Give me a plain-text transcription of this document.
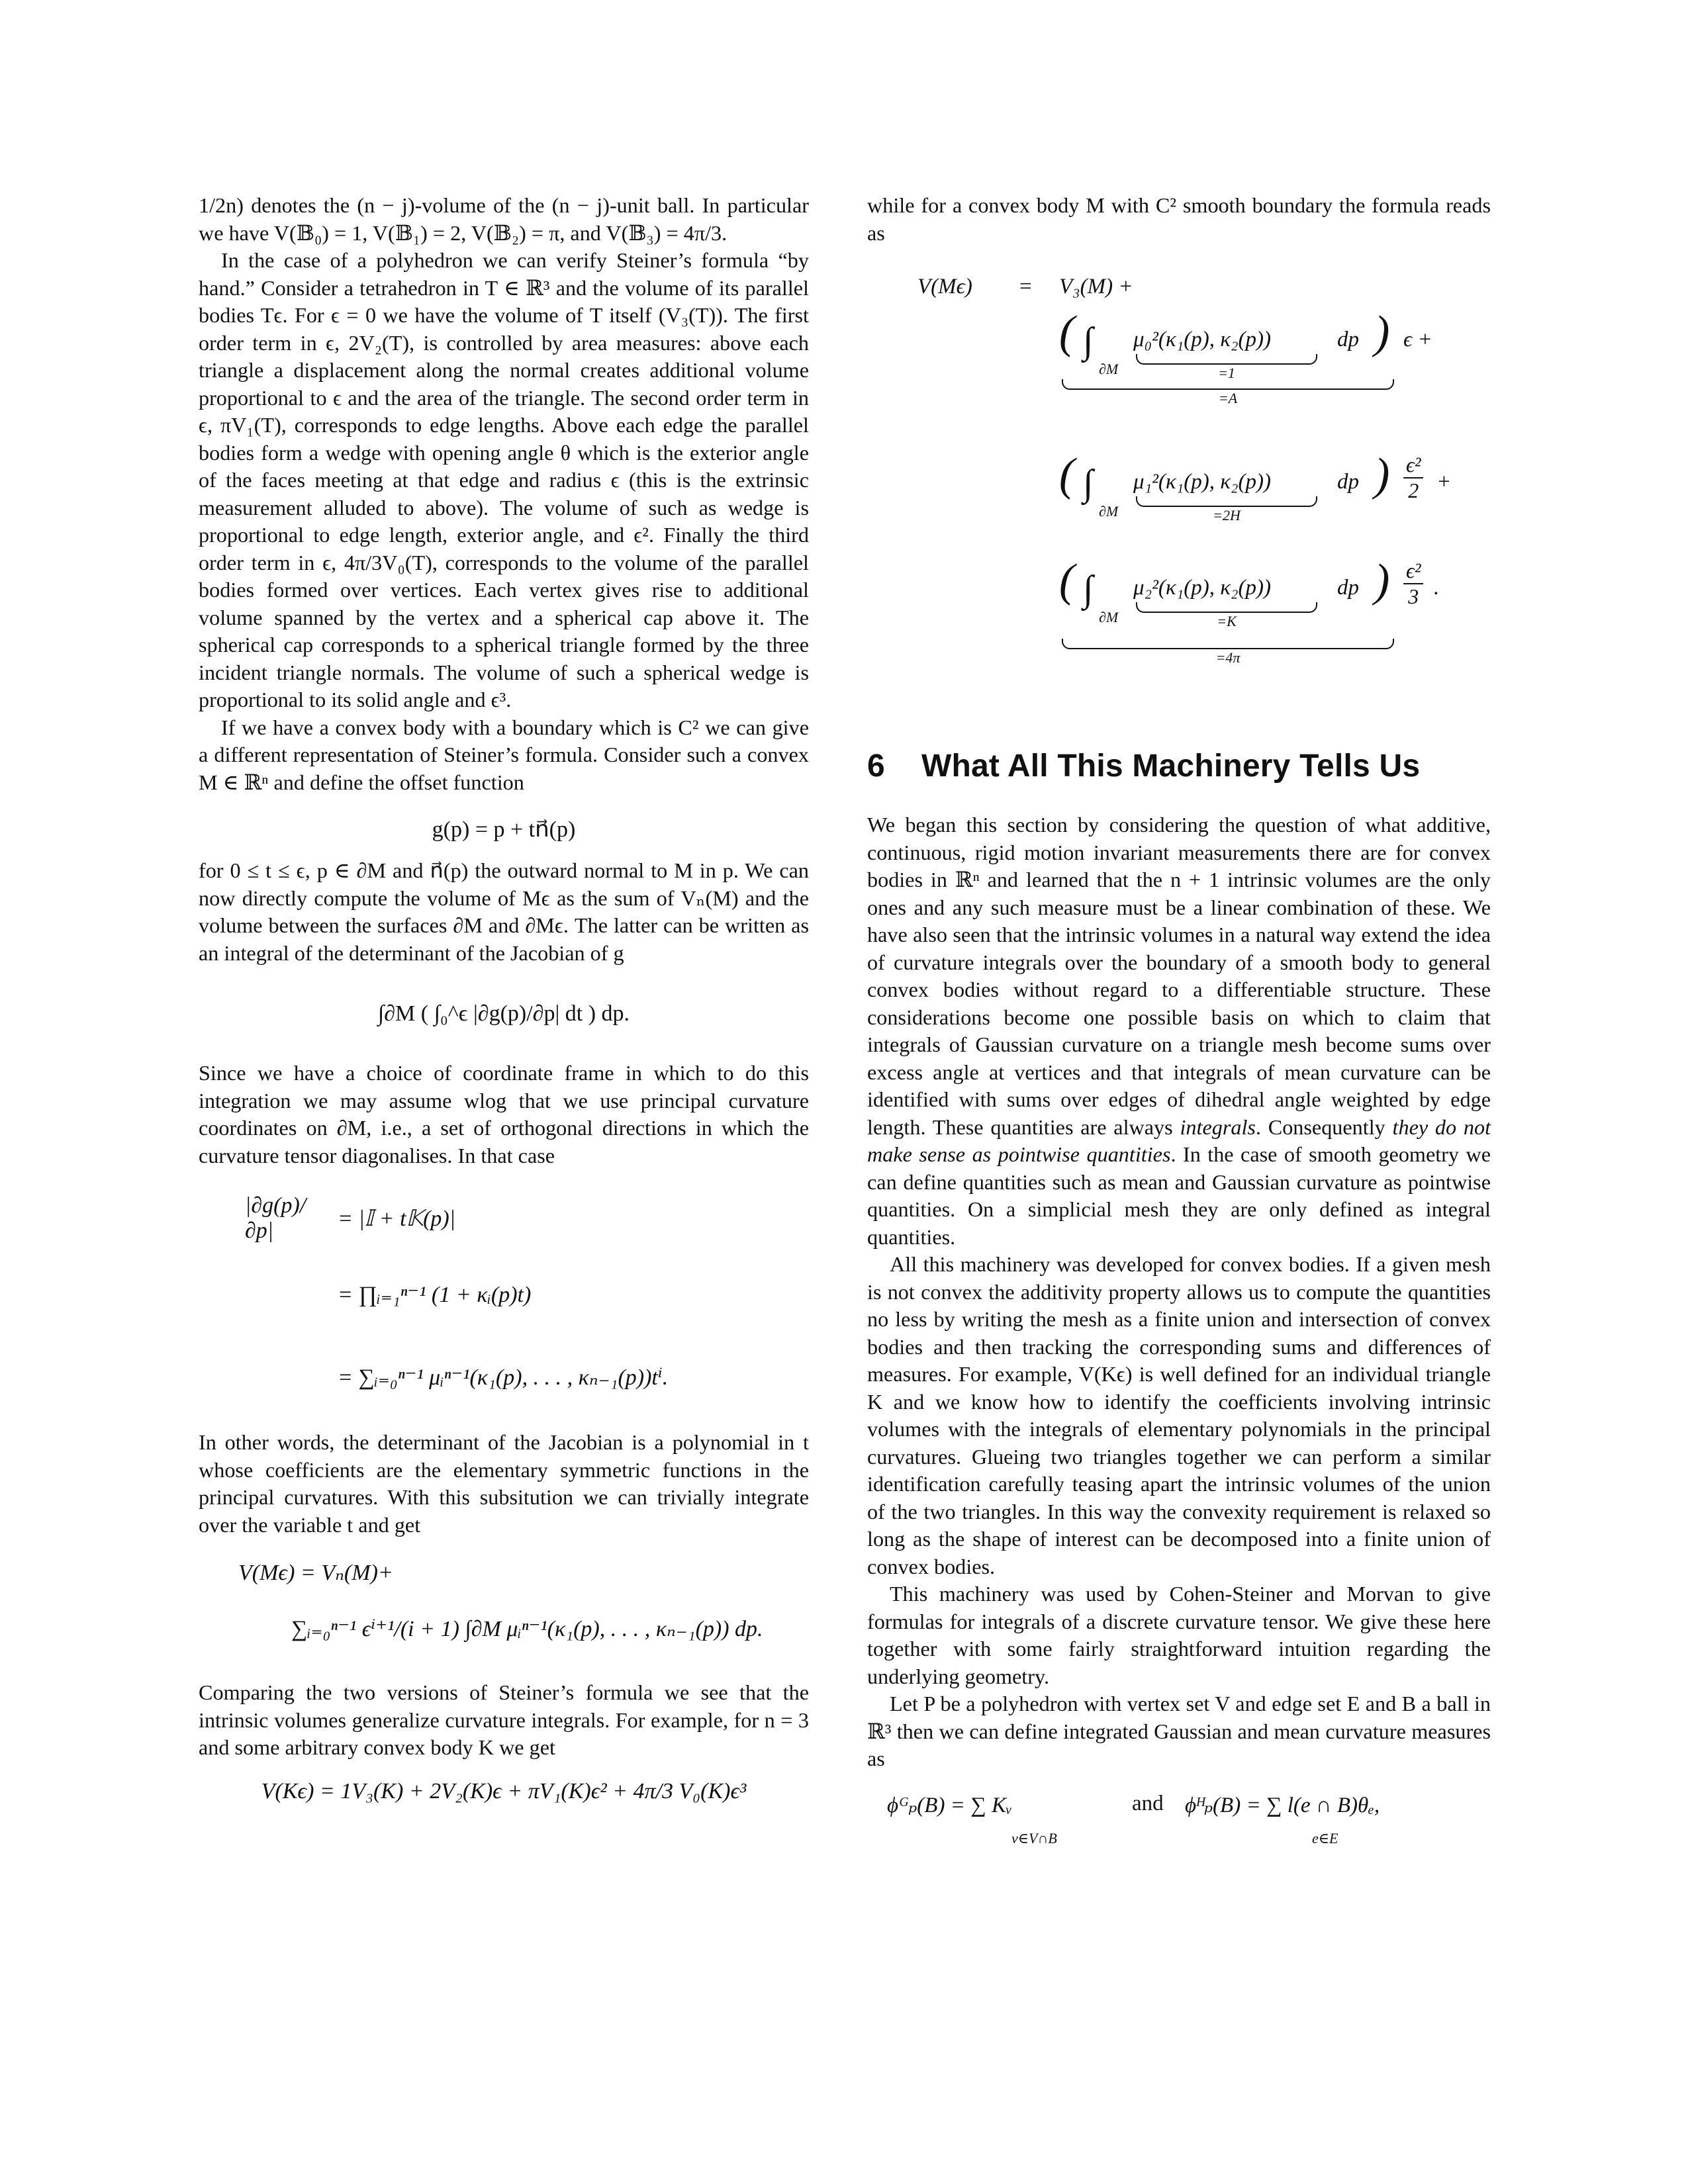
1/2n) denotes the (n − j)-volume of the (n − j)-unit ball. In particular we have V(𝔹₀) = 1, V(𝔹₁) = 2, V(𝔹₂) = π, and V(𝔹₃) = 4π/3.

In the case of a polyhedron we can verify Steiner’s formula “by hand.” Consider a tetrahedron in T ∈ ℝ³ and the volume of its parallel bodies Tϵ. For ϵ = 0 we have the volume of T itself (V₃(T)). The first order term in ϵ, 2V₂(T), is controlled by area measures: above each triangle a displacement along the normal creates additional volume proportional to ϵ and the area of the triangle. The second order term in ϵ, πV₁(T), corresponds to edge lengths. Above each edge the parallel bodies form a wedge with opening angle θ which is the exterior angle of the faces meeting at that edge and radius ϵ (this is the extrinsic measurement alluded to above). The volume of such as wedge is proportional to edge length, exterior angle, and ϵ². Finally the third order term in ϵ, 4π/3V₀(T), corresponds to the volume of the parallel bodies formed over vertices. Each vertex gives rise to additional volume spanned by the vertex and a spherical cap above it. The spherical cap corresponds to a spherical triangle formed by the three incident triangle normals. The volume of such a spherical wedge is proportional to its solid angle and ϵ³.

If we have a convex body with a boundary which is C² we can give a different representation of Steiner’s formula. Consider such a convex M ∈ ℝⁿ and define the offset function

g(p) = p + tn⃗(p)

for 0 ≤ t ≤ ϵ, p ∈ ∂M and n⃗(p) the outward normal to M in p. We can now directly compute the volume of Mϵ as the sum of Vₙ(M) and the volume between the surfaces ∂M and ∂Mϵ. The latter can be written as an integral of the determinant of the Jacobian of g

∫∂M ( ∫₀^ϵ |∂g(p)/∂p| dt ) dp.

Since we have a choice of coordinate frame in which to do this integration we may assume wlog that we use principal curvature coordinates on ∂M, i.e., a set of orthogonal directions in which the curvature tensor diagonalises. In that case

|∂g(p)/∂p|	= |𝕀 + t𝕂(p)|
= ∏ᵢ₌₁ⁿ⁻¹ (1 + κᵢ(p)t)
= ∑ᵢ₌₀ⁿ⁻¹ μᵢⁿ⁻¹(κ₁(p), . . . , κₙ₋₁(p))tⁱ.

In other words, the determinant of the Jacobian is a polynomial in t whose coefficients are the elementary symmetric functions in the principal curvatures. With this subsitution we can trivially integrate over the variable t and get

V(Mϵ) = Vₙ(M)+
∑ᵢ₌₀ⁿ⁻¹ ϵⁱ⁺¹/(i + 1) ∫∂M μᵢⁿ⁻¹(κ₁(p), . . . , κₙ₋₁(p)) dp.

Comparing the two versions of Steiner’s formula we see that the intrinsic volumes generalize curvature integrals. For example, for n = 3 and some arbitrary convex body K we get

V(Kϵ) = 1V₃(K) + 2V₂(K)ϵ + πV₁(K)ϵ² + 4π/3 V₀(K)ϵ³

while for a convex body M with C² smooth boundary the formula reads as

V(Mϵ) = V₃(M) +
( ∫
∂M
μ₀²(κ₁(p), κ₂(p))
=1
dp ) ϵ +
=A
( ∫
∂M
μ₁²(κ₁(p), κ₂(p))
=2H
dp ) ϵ²
2 +
( ∫
∂M
μ₂²(κ₁(p), κ₂(p))
=K
dp ) ϵ²
3 .
=4π
6 What All This Machinery Tells Us

We began this section by considering the question of what additive, continuous, rigid motion invariant measurements there are for convex bodies in ℝⁿ and learned that the n + 1 intrinsic volumes are the only ones and any such measure must be a linear combination of these. We have also seen that the intrinsic volumes in a natural way extend the idea of curvature integrals over the boundary of a smooth body to general convex bodies without regard to a differentiable structure. These considerations become one possible basis on which to claim that integrals of Gaussian curvature on a triangle mesh become sums over excess angle at vertices and that integrals of mean curvature can be identified with sums over edges of dihedral angle weighted by edge length. These quantities are always integrals. Consequently they do not make sense as pointwise quantities. In the case of smooth geometry we can define quantities such as mean and Gaussian curvature as pointwise quantities. On a simplicial mesh they are only defined as integral quantities.

All this machinery was developed for convex bodies. If a given mesh is not convex the additivity property allows us to compute the quantities no less by writing the mesh as a finite union and intersection of convex bodies and then tracking the corresponding sums and differences of measures. For example, V(Kϵ) is well defined for an individual triangle K and we know how to identify the coefficients involving intrinsic volumes with the integrals of elementary polynomials in the principal curvatures. Glueing two triangles together we can perform a similar identification carefully teasing apart the intrinsic volumes of the union of the two triangles. In this way the convexity requirement is relaxed so long as the shape of interest can be decomposed into a finite union of convex bodies.

This machinery was used by Cohen-Steiner and Morvan to give formulas for integrals of a discrete curvature tensor. We give these here together with some fairly straightforward intuition regarding the underlying geometry.

Let P be a polyhedron with vertex set V and edge set E and B a ball in ℝ³ then we can define integrated Gaussian and mean curvature measures as

ϕᴳₚ(B) = ∑ Kᵥ
v∈V∩B
and ϕᴴₚ(B) = ∑ l(e ∩ B)θₑ,
e∈E
